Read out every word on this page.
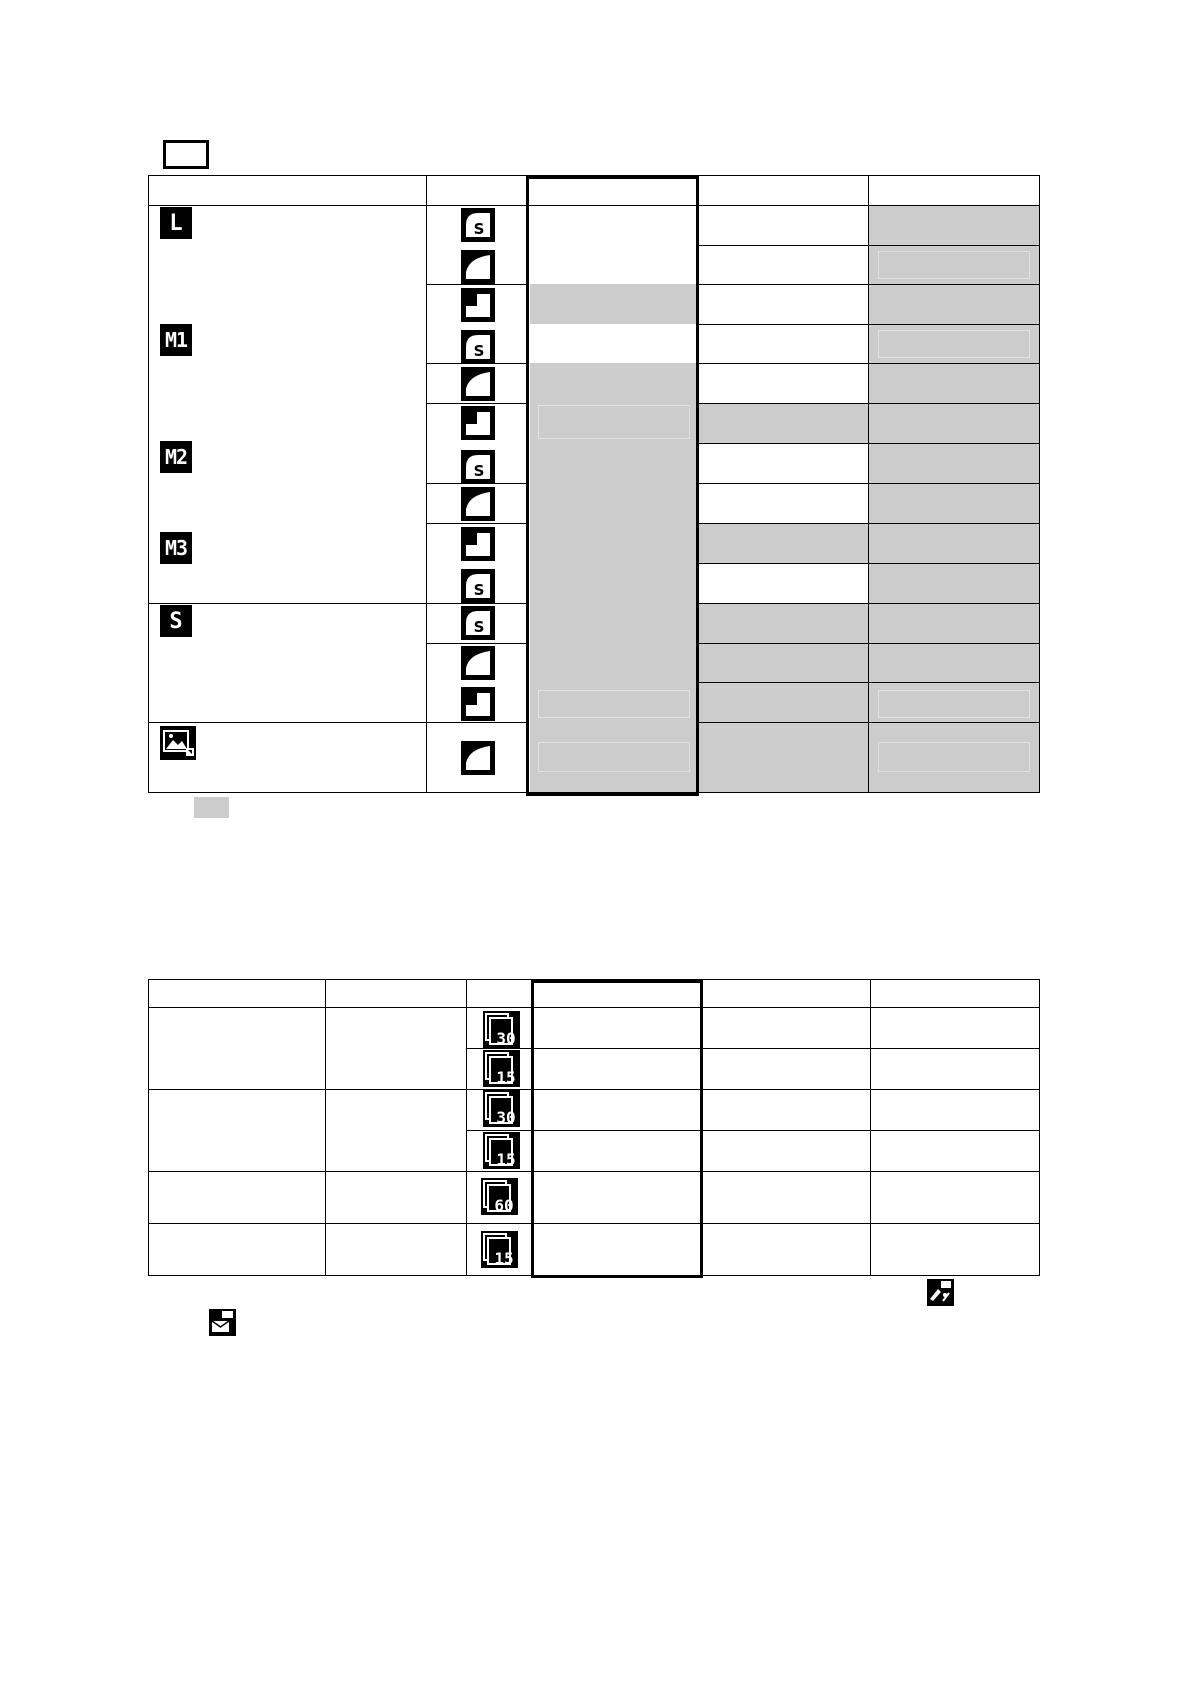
L
M1
M2
M3
S
S
S
S
S
S
30
15
30
15
60
15
